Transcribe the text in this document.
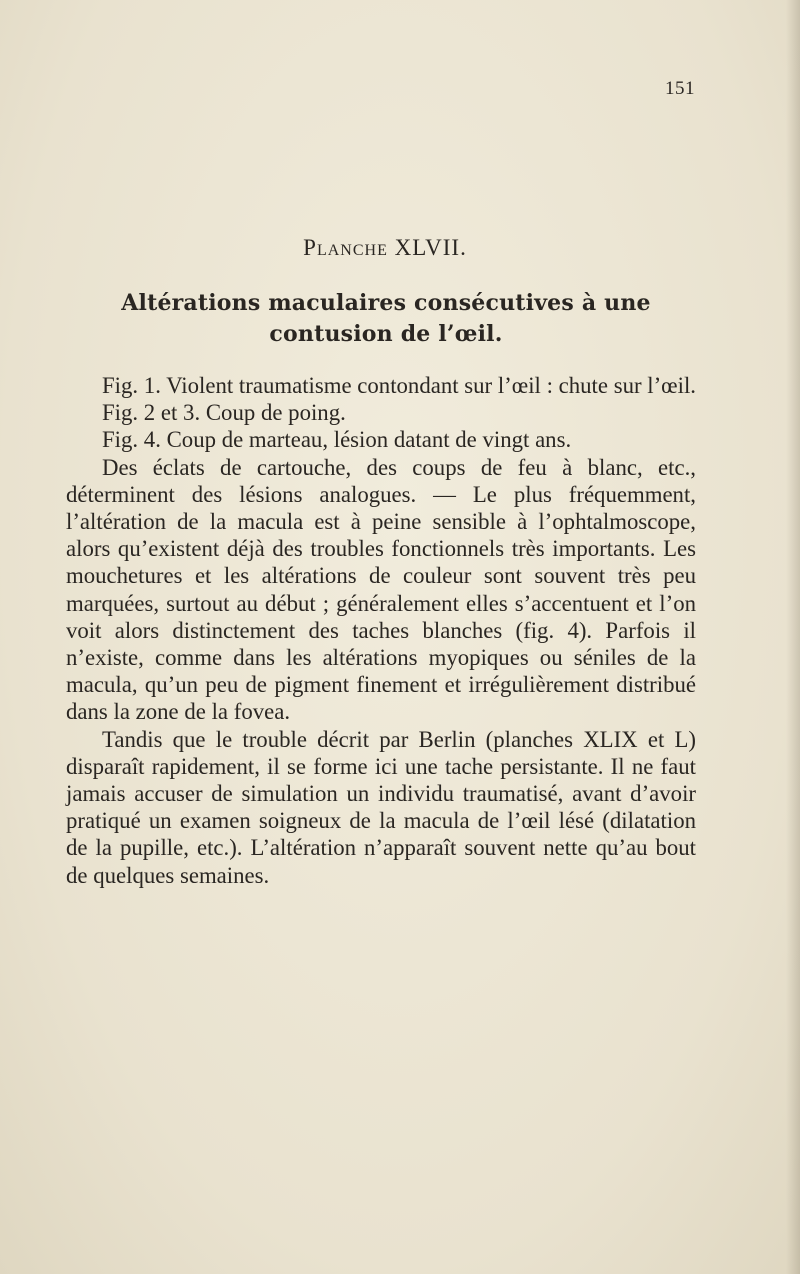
151
Planche XLVII.
Altérations maculaires consécutives à une contusion de l’œil.

Fig. 1. Violent traumatisme contondant sur l’œil : chute sur l’œil.

Fig. 2 et 3. Coup de poing.

Fig. 4. Coup de marteau, lésion datant de vingt ans.

Des éclats de cartouche, des coups de feu à blanc, etc., déterminent des lésions analogues. — Le plus fréquemment, l’altération de la macula est à peine sensible à l’ophtalmoscope, alors qu’existent déjà des troubles fonctionnels très importants. Les mouchetures et les altérations de couleur sont souvent très peu marquées, surtout au début ; généralement elles s’accentuent et l’on voit alors distinctement des taches blanches (fig. 4). Parfois il n’existe, comme dans les altérations myopiques ou séniles de la macula, qu’un peu de pigment finement et irrégulièrement distribué dans la zone de la fovea.

Tandis que le trouble décrit par Berlin (planches XLIX et L) disparaît rapidement, il se forme ici une tache persistante. Il ne faut jamais accuser de simulation un individu traumatisé, avant d’avoir pratiqué un examen soigneux de la macula de l’œil lésé (dilatation de la pupille, etc.). L’altération n’apparaît souvent nette qu’au bout de quelques semaines.
